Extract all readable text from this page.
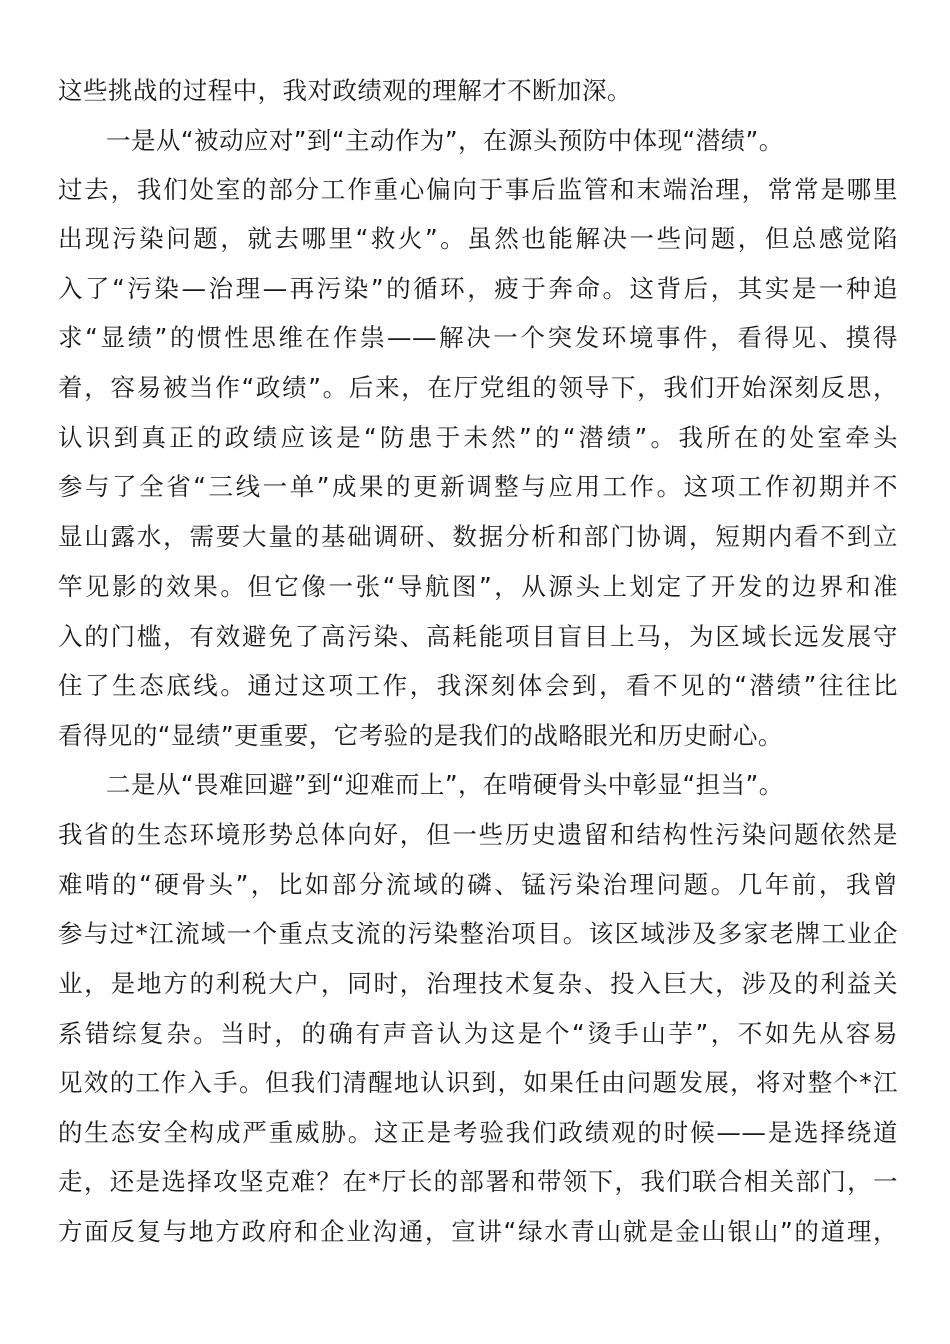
这些挑战的过程中，我对政绩观的理解才不断加深。
一是从“被动应对”到“主动作为”，在源头预防中体现“潜绩”。
过去，我们处室的部分工作重心偏向于事后监管和末端治理，常常是哪里
出现污染问题，就去哪里“救火”。虽然也能解决一些问题，但总感觉陷
入了“污染—治理—再污染”的循环，疲于奔命。这背后，其实是一种追
求“显绩”的惯性思维在作祟——解决一个突发环境事件，看得见、摸得
着，容易被当作“政绩”。后来，在厅党组的领导下，我们开始深刻反思，
认识到真正的政绩应该是“防患于未然”的“潜绩”。我所在的处室牵头
参与了全省“三线一单”成果的更新调整与应用工作。这项工作初期并不
显山露水，需要大量的基础调研、数据分析和部门协调，短期内看不到立
竿见影的效果。但它像一张“导航图”，从源头上划定了开发的边界和准
入的门槛，有效避免了高污染、高耗能项目盲目上马，为区域长远发展守
住了生态底线。通过这项工作，我深刻体会到，看不见的“潜绩”往往比
看得见的“显绩”更重要，它考验的是我们的战略眼光和历史耐心。
二是从“畏难回避”到“迎难而上”，在啃硬骨头中彰显“担当”。
我省的生态环境形势总体向好，但一些历史遗留和结构性污染问题依然是
难啃的“硬骨头”，比如部分流域的磷、锰污染治理问题。几年前，我曾
参与过*江流域一个重点支流的污染整治项目。该区域涉及多家老牌工业企
业，是地方的利税大户，同时，治理技术复杂、投入巨大，涉及的利益关
系错综复杂。当时，的确有声音认为这是个“烫手山芋”，不如先从容易
见效的工作入手。但我们清醒地认识到，如果任由问题发展，将对整个*江
的生态安全构成严重威胁。这正是考验我们政绩观的时候——是选择绕道
走，还是选择攻坚克难？在*厅长的部署和带领下，我们联合相关部门，一
方面反复与地方政府和企业沟通，宣讲“绿水青山就是金山银山”的道理，
